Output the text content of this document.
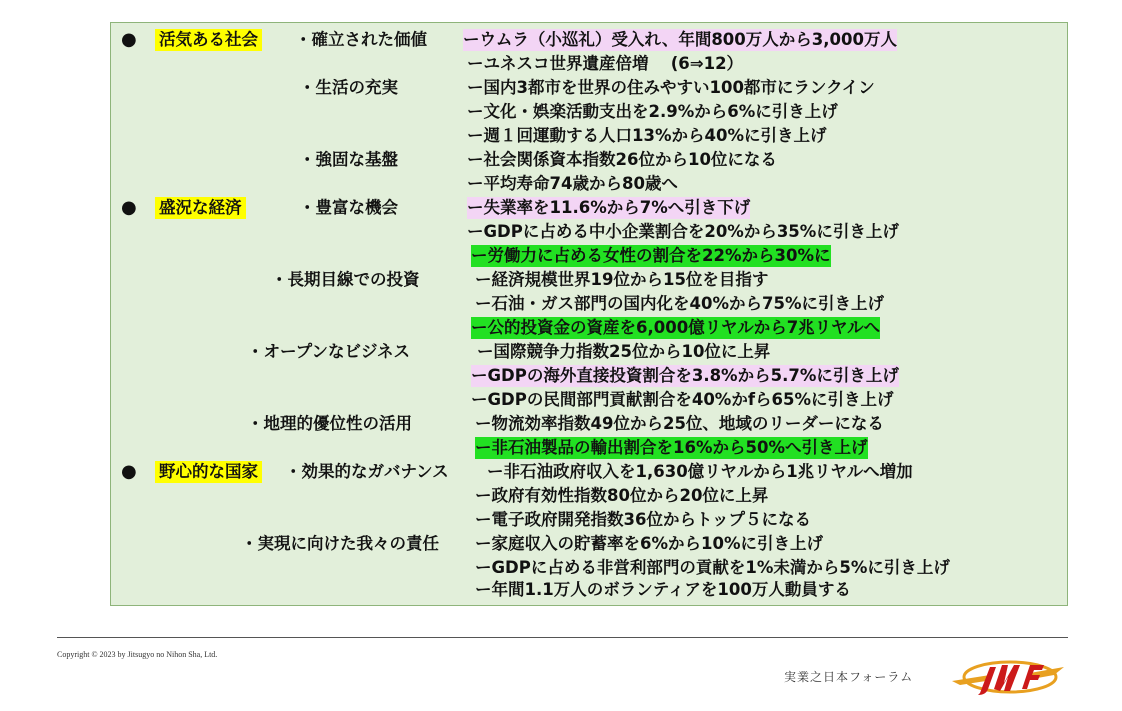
● 活気ある社会
● 盛況な経済
● 野心的な国家
・確立された価値
・生活の充実
・強固な基盤
・豊富な機会
・長期目線での投資
・オープンなビジネス
・地理的優位性の活用
・効果的なガバナンス
・実現に向けた我々の責任
ーウムラ（小巡礼）受入れ、年間800万人から3,000万人
ーユネスコ世界遺産倍増　 (6⇒12）
ー国内3都市を世界の住みやすい100都市にランクイン
ー文化・娯楽活動支出を2.9%から6%に引き上げ
ー週１回運動する人口13%から40%に引き上げ
ー社会関係資本指数26位から10位になる
ー平均寿命74歳から80歳へ
ー失業率を11.6%から7%へ引き下げ
ーGDPに占める中小企業割合を20%から35%に引き上げ
ー労働力に占める女性の割合を22%から30%に
ー経済規模世界19位から15位を目指す
ー石油・ガス部門の国内化を40%から75%に引き上げ
ー公的投資金の資産を6,000億リヤルから7兆リヤルへ
ー国際競争力指数25位から10位に上昇
ーGDPの海外直接投資割合を3.8%から5.7%に引き上げ
ーGDPの民間部門貢献割合を40%かfら65%に引き上げ
ー物流効率指数49位から25位、地域のリーダーになる
ー非石油製品の輸出割合を16%から50%へ引き上げ
ー非石油政府収入を1,630億リヤルから1兆リヤルへ増加
ー政府有効性指数80位から20位に上昇
ー電子政府開発指数36位からトップ５になる
ー家庭収入の貯蓄率を6%から10%に引き上げ
ーGDPに占める非営利部門の貢献を1%未満から5%に引き上げ
ー年間1.1万人のボランティアを100万人動員する
Copyright © 2023 by Jitsugyo no Nihon Sha, Ltd.
実業之日本フォーラム
